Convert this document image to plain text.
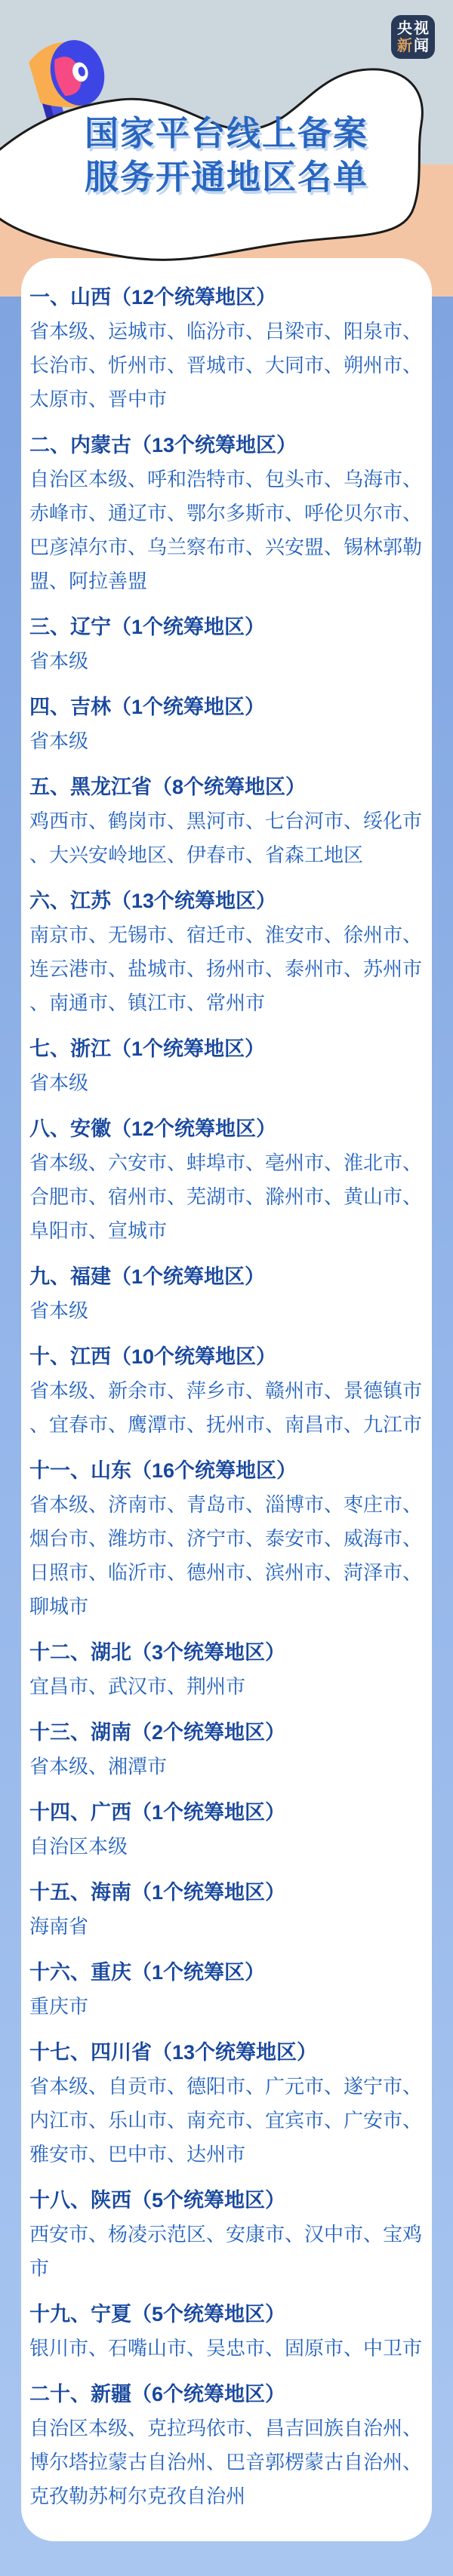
国家平台线上备案
服务开通地区名单
央 视
新 闻
一、山西（12个统筹地区）

省本级、运城市、临汾市、吕梁市、阳泉市、长治市、忻州市、晋城市、大同市、朔州市、太原市、晋中市

二、内蒙古（13个统筹地区）

自治区本级、呼和浩特市、包头市、乌海市、赤峰市、通辽市、鄂尔多斯市、呼伦贝尔市、巴彦淖尔市、乌兰察布市、兴安盟、锡林郭勒盟、阿拉善盟

三、辽宁（1个统筹地区）

省本级

四、吉林（1个统筹地区）

省本级

五、黑龙江省（8个统筹地区）

鸡西市、鹤岗市、黑河市、七台河市、绥化市、大兴安岭地区、伊春市、省森工地区

六、江苏（13个统筹地区）

南京市、无锡市、宿迁市、淮安市、徐州市、连云港市、盐城市、扬州市、泰州市、苏州市、南通市、镇江市、常州市

七、浙江（1个统筹地区）

省本级

八、安徽（12个统筹地区）

省本级、六安市、蚌埠市、亳州市、淮北市、合肥市、宿州市、芜湖市、滁州市、黄山市、阜阳市、宣城市

九、福建（1个统筹地区）

省本级

十、江西（10个统筹地区）

省本级、新余市、萍乡市、赣州市、景德镇市、宜春市、鹰潭市、抚州市、南昌市、九江市

十一、山东（16个统筹地区）

省本级、济南市、青岛市、淄博市、枣庄市、烟台市、潍坊市、济宁市、泰安市、威海市、日照市、临沂市、德州市、滨州市、菏泽市、聊城市

十二、湖北（3个统筹地区）

宜昌市、武汉市、荆州市

十三、湖南（2个统筹地区）

省本级、湘潭市

十四、广西（1个统筹地区）

自治区本级

十五、海南（1个统筹地区）

海南省

十六、重庆（1个统筹区）

重庆市

十七、四川省（13个统筹地区）

省本级、自贡市、德阳市、广元市、遂宁市、内江市、乐山市、南充市、宜宾市、广安市、雅安市、巴中市、达州市

十八、陕西（5个统筹地区）

西安市、杨凌示范区、安康市、汉中市、宝鸡市

十九、宁夏（5个统筹地区）

银川市、石嘴山市、吴忠市、固原市、中卫市

二十、新疆（6个统筹地区）

自治区本级、克拉玛依市、昌吉回族自治州、博尔塔拉蒙古自治州、巴音郭楞蒙古自治州、克孜勒苏柯尔克孜自治州
